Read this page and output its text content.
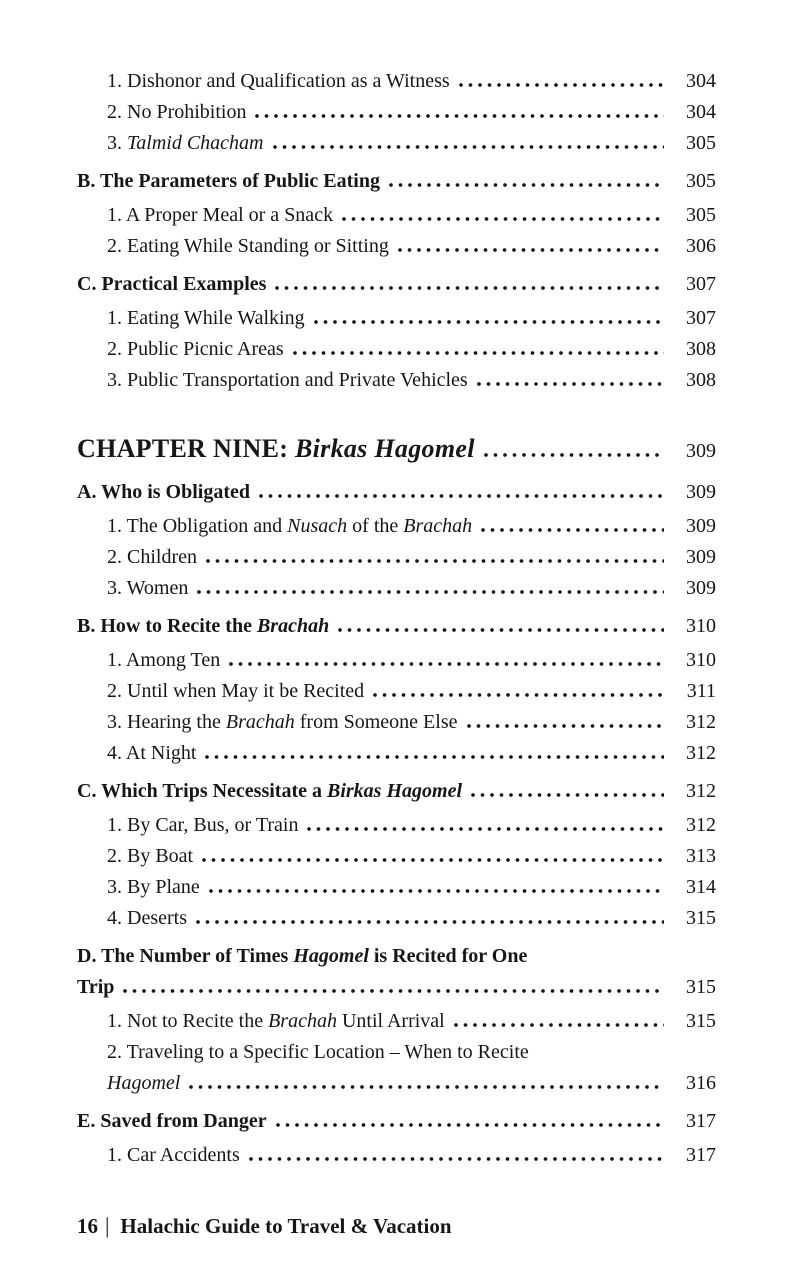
1. Dishonor and Qualification as a Witness	304
2. No Prohibition	304
3. Talmid Chacham	305
B. The Parameters of Public Eating	305
1. A Proper Meal or a Snack	305
2. Eating While Standing or Sitting	306
C. Practical Examples	307
1. Eating While Walking	307
2. Public Picnic Areas	308
3. Public Transportation and Private Vehicles	308
CHAPTER NINE: Birkas Hagomel	309
A. Who is Obligated	309
1. The Obligation and Nusach of the Brachah	309
2. Children	309
3. Women	309
B. How to Recite the Brachah	310
1. Among Ten	310
2. Until when May it be Recited	311
3. Hearing the Brachah from Someone Else	312
4. At Night	312
C. Which Trips Necessitate a Birkas Hagomel	312
1. By Car, Bus, or Train	312
2. By Boat	313
3. By Plane	314
4. Deserts	315
D. The Number of Times Hagomel is Recited for One
Trip	315
1. Not to Recite the Brachah Until Arrival	315
2. Traveling to a Specific Location – When to Recite
Hagomel	316
E. Saved from Danger	317
1. Car Accidents	317
16 | Halachic Guide to Travel & Vacation
